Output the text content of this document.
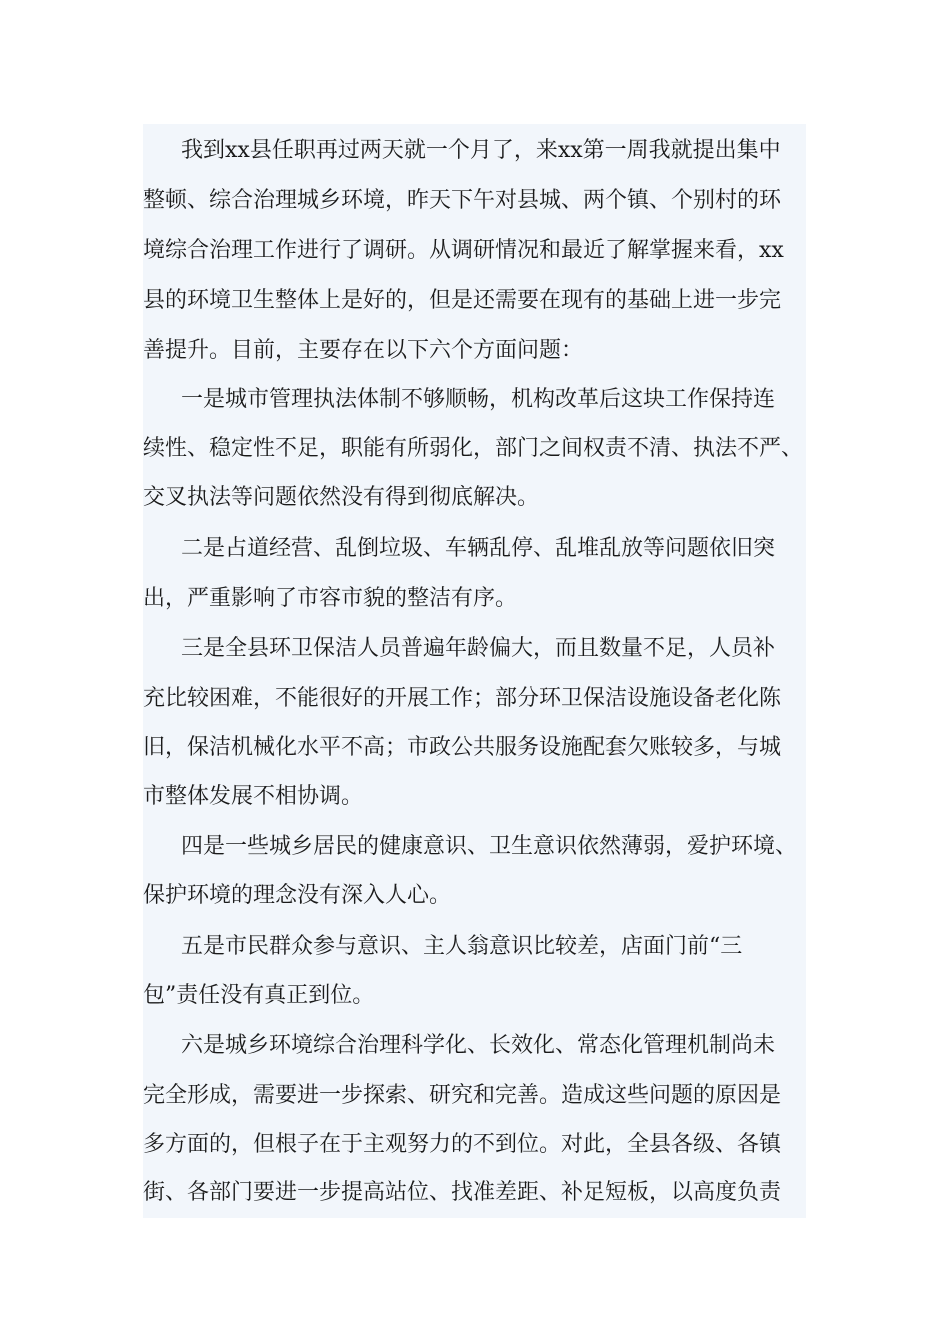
我到xx县任职再过两天就一个月了，来xx第一周我就提出集中
整顿、综合治理城乡环境，昨天下午对县城、两个镇、个别村的环
境综合治理工作进行了调研。从调研情况和最近了解掌握来看，xx
县的环境卫生整体上是好的，但是还需要在现有的基础上进一步完
善提升。目前，主要存在以下六个方面问题：
一是城市管理执法体制不够顺畅，机构改革后这块工作保持连
续性、稳定性不足，职能有所弱化，部门之间权责不清、执法不严、
交叉执法等问题依然没有得到彻底解决。
二是占道经营、乱倒垃圾、车辆乱停、乱堆乱放等问题依旧突
出，严重影响了市容市貌的整洁有序。
三是全县环卫保洁人员普遍年龄偏大，而且数量不足，人员补
充比较困难，不能很好的开展工作；部分环卫保洁设施设备老化陈
旧，保洁机械化水平不高；市政公共服务设施配套欠账较多，与城
市整体发展不相协调。
四是一些城乡居民的健康意识、卫生意识依然薄弱，爱护环境、
保护环境的理念没有深入人心。
五是市民群众参与意识、主人翁意识比较差，店面门前“三
包”责任没有真正到位。
六是城乡环境综合治理科学化、长效化、常态化管理机制尚未
完全形成，需要进一步探索、研究和完善。造成这些问题的原因是
多方面的，但根子在于主观努力的不到位。对此，全县各级、各镇
街、各部门要进一步提高站位、找准差距、补足短板，以高度负责
